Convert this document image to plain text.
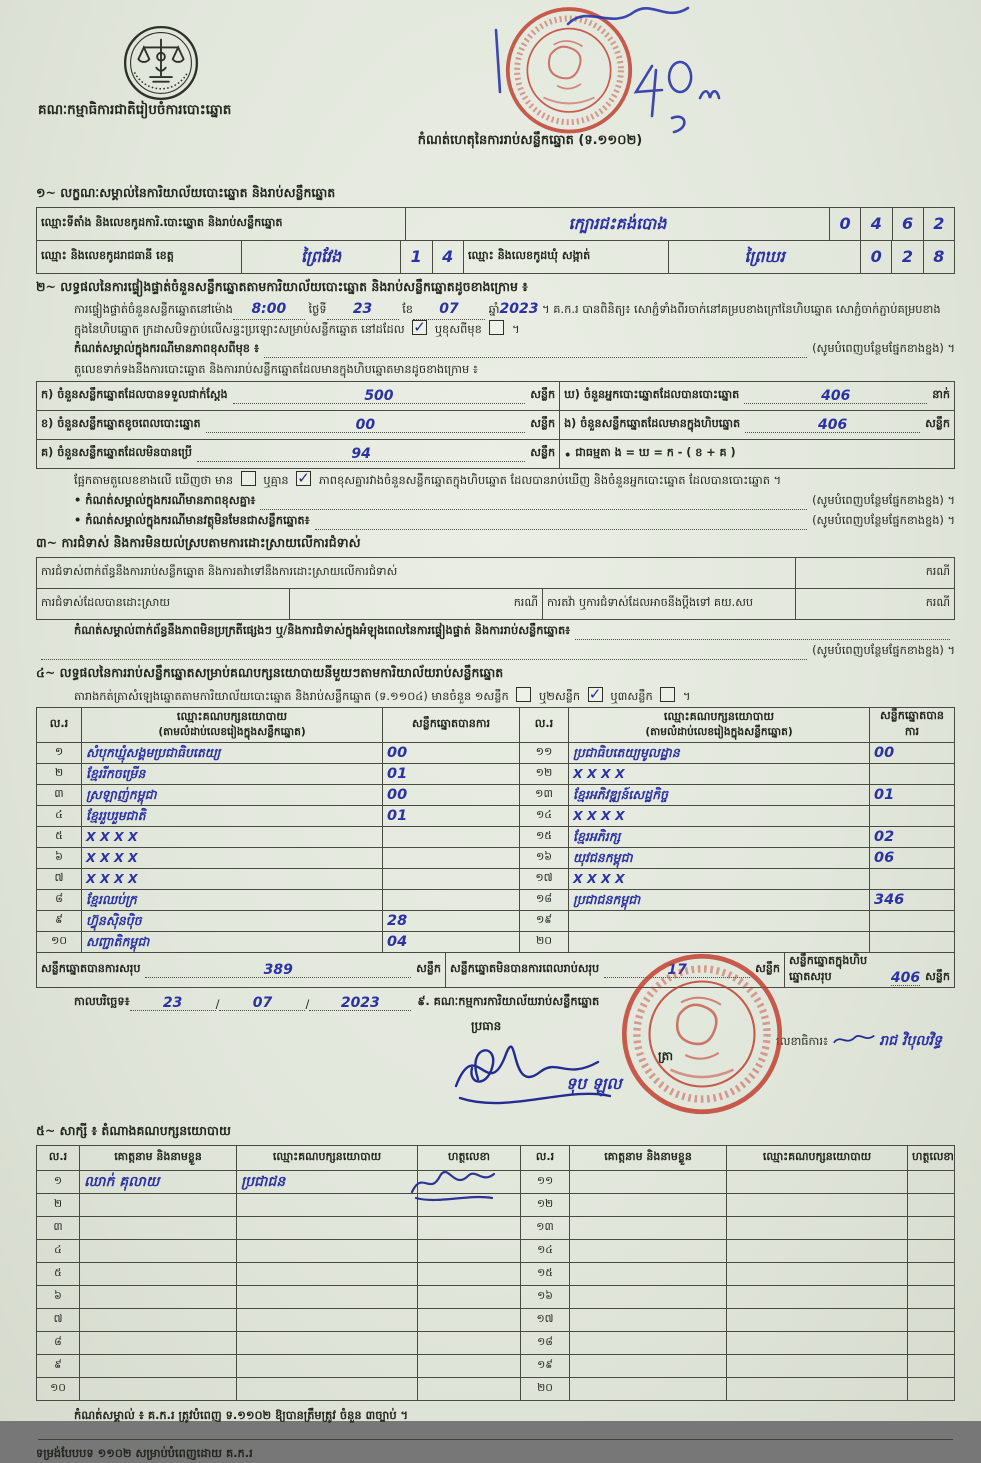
គណៈកម្មាធិការជាតិរៀបចំការបោះឆ្នោត
កំណត់ហេតុនៃការរាប់សន្លឹកឆ្នោត (ទ.១១០២)
១~ លក្ខណៈសម្គាល់នៃការិយាល័យបោះឆ្នោត និងរាប់សន្លឹកឆ្នោត
ឈ្មោះទីតាំង និងលេខកូដការិ.បោះឆ្នោត និងរាប់សន្លឹកឆ្នោត	ក្បោរជះគង់បោង	0 4 6 2
ឈ្មោះ និងលេខកូដរាជធានី ខេត្ត	ព្រៃវែង	1 4	ឈ្មោះ និងលេខកូដឃុំ សង្កាត់	ព្រៃឃរ	0 2 8
២~ លទ្ធផលនៃការផ្ទៀងផ្ទាត់ចំនួនសន្លឹកឆ្នោតតាមការិយាល័យបោះឆ្នោត និងរាប់សន្លឹកឆ្នោតដូចខាងក្រោម ៖

ការផ្ទៀងផ្ទាត់ចំនួនសន្លឹកឆ្នោតនៅម៉ោង 8:00 ថ្ងៃទី 23	ខែ 07	ឆ្នាំ2023 ។ គ.ក.រ បានពិនិត្យ៖ សោភ្ជំទាំងពីរចាក់នៅគម្របខាងក្រៅនៃហិបឆ្នោត សោភ្ជំចាក់ភ្ជាប់គម្របខាងក្នុងនៃហិបឆ្នោត ក្រដាសបិទភ្ជាប់លើសន្ទះប្រឡោះសម្រាប់សន្លឹកឆ្នោត នៅដដែល ✓	ឬខុសពីមុខ	។

កំណត់សម្គាល់ក្នុងករណីមានភាពខុសពីមុខ ៖	(សូមបំពេញបន្ថែមផ្នែកខាងខ្នង) ។

តួលេខទាក់ទងនឹងការបោះឆ្នោត និងការរាប់សន្លឹកឆ្នោតដែលមានក្នុងហិបឆ្នោតមានដូចខាងក្រោម ៖

ក) ចំនួនសន្លឹកឆ្នោតដែលបានទទួលជាក់ស្តែង 500 សន្លឹក	ឃ) ចំនួនអ្នកបោះឆ្នោតដែលបានបោះឆ្នោត 406 នាក់

ខ) ចំនួនសន្លឹកឆ្នោតខូចពេលបោះឆ្នោត 00 សន្លឹក	ង) ចំនួនសន្លឹកឆ្នោតដែលមានក្នុងហិបឆ្នោត 406 សន្លឹក

គ) ចំនួនសន្លឹកឆ្នោតដែលមិនបានប្រើ 94 សន្លឹក	• ជាធម្មតា ង = ឃ = ក - ( ខ + គ )

ផ្អែកតាមតួលេខខាងលើ ឃើញថា មាន	ឬគ្មាន ✓	ភាពខុសគ្នារវាងចំនួនសន្លឹកឆ្នោតក្នុងហិបឆ្នោត ដែលបានរាប់ឃើញ និងចំនួនអ្នកបោះឆ្នោត ដែលបានបោះឆ្នោត ។

• កំណត់សម្គាល់ក្នុងករណីមានភាពខុសគ្នា៖	(សូមបំពេញបន្ថែមផ្នែកខាងខ្នង) ។
• កំណត់សម្គាល់ក្នុងករណីមានវត្ថុមិនមែនជាសន្លឹកឆ្នោត៖	(សូមបំពេញបន្ថែមផ្នែកខាងខ្នង) ។
៣~ ការជំទាស់ និងការមិនយល់ស្របតាមការដោះស្រាយលើការជំទាស់
ការជំទាស់ពាក់ព័ន្ធនឹងការរាប់សន្លឹកឆ្នោត និងការតវ៉ាទៅនឹងការដោះស្រាយលើការជំទាស់			ករណី
ការជំទាស់ដែលបានដោះស្រាយ	ករណី	ការតវ៉ា ឬការជំទាស់ដែលអាចនឹងប្តឹងទៅ គយ.សប	ករណី
កំណត់សម្គាល់ពាក់ព័ន្ធនឹងភាពមិនប្រក្រតីផ្សេងៗ ឬ/និងការជំទាស់ក្នុងអំឡុងពេលនៃការផ្ទៀងផ្ទាត់ និងការរាប់សន្លឹកឆ្នោត៖
(សូមបំពេញបន្ថែមផ្នែកខាងខ្នង) ។
៤~ លទ្ធផលនៃការរាប់សន្លឹកឆ្នោតសម្រាប់គណបក្សនយោបាយនីមួយៗតាមការិយាល័យរាប់សន្លឹកឆ្នោត

តារាងកត់ត្រាសំឡេងឆ្នោតតាមការិយាល័យបោះឆ្នោត និងរាប់សន្លឹកឆ្នោត (ទ.១១០៤) មានចំនួន ១សន្លឹក	ឬ២សន្លឹក ✓	ឬ៣សន្លឹក	។

ល.រ	
ឈ្មោះគណបក្សនយោបាយ
(តាមលំដាប់លេខរៀងក្នុងសន្លឹកឆ្នោត)
	សន្លឹកឆ្នោតបានការ	ល.រ	
ឈ្មោះគណបក្សនយោបាយ
(តាមលំដាប់លេខរៀងក្នុងសន្លឹកឆ្នោត)
	សន្លឹកឆ្នោតបានការ
១	សំបុកឃ្មុំសង្គមប្រជាធិបតេយ្យ	00	១១	ប្រជាធិបតេយ្យមូលដ្ឋាន	00
២	ខ្មែររីកចម្រើន	01	១២	X X X X	
៣	ស្រឡាញ់កម្ពុជា	00	១៣	ខ្មែរអភិវឌ្ឍន៍សេដ្ឋកិច្ច	01
៤	ខ្មែររួបរួមជាតិ	01	១៤	X X X X	
៥	X X X X		១៥	ខ្មែរអភិរក្ស	02
៦	X X X X		១៦	យុវជនកម្ពុជា	06
៧	X X X X		១៧	X X X X	
៨	ខ្មែរឈប់ក្រ		១៨	ប្រជាជនកម្ពុជា	346
៩	ហ៊្វុនស៊ិនប៉ិច	28	១៩		
១០	សញ្ជាតិកម្ពុជា	04	២០		
សន្លឹកឆ្នោតបានការសរុប	389	សន្លឹក	សន្លឹកឆ្នោតមិនបានការពេលរាប់សរុប	17	សន្លឹក

សន្លឹកឆ្នោតក្នុងហិបឆ្នោតសរុប	406 សន្លឹក
កាលបរិច្ឆេទ៖	23	/	07	/	2023	៩. គណៈកម្មការការិយាល័យរាប់សន្លឹកឆ្នោត
ប្រធាន
ត្រា
លេខាធិការ៖	រាជ វិបុលវិទ្ធ
ទុប ឡូល
៥~ សាក្សី ៖ តំណាងគណបក្សនយោបាយ
ល.រ	គោត្តនាម និងនាមខ្លួន	ឈ្មោះគណបក្សនយោបាយ	ហត្ថលេខា	ល.រ	គោត្តនាម និងនាមខ្លួន	ឈ្មោះគណបក្សនយោបាយ	ហត្ថលេខា
១	ឈាក់ គុលាយ	ប្រជាជន		១១			
២				១២			
៣				១៣			
៤				១៤			
៥				១៥			
៦				១៦			
៧				១៧			
៨				១៨			
៩				១៩			
១០				២០			

កំណត់សម្គាល់ ៖ គ.ក.រ ត្រូវបំពេញ ទ.១១០២ ឱ្យបានត្រឹមត្រូវ ចំនួន ៣ច្បាប់ ។

ទម្រង់បែបបទ ១១០២ សម្រាប់បំពេញដោយ គ.ក.រ
